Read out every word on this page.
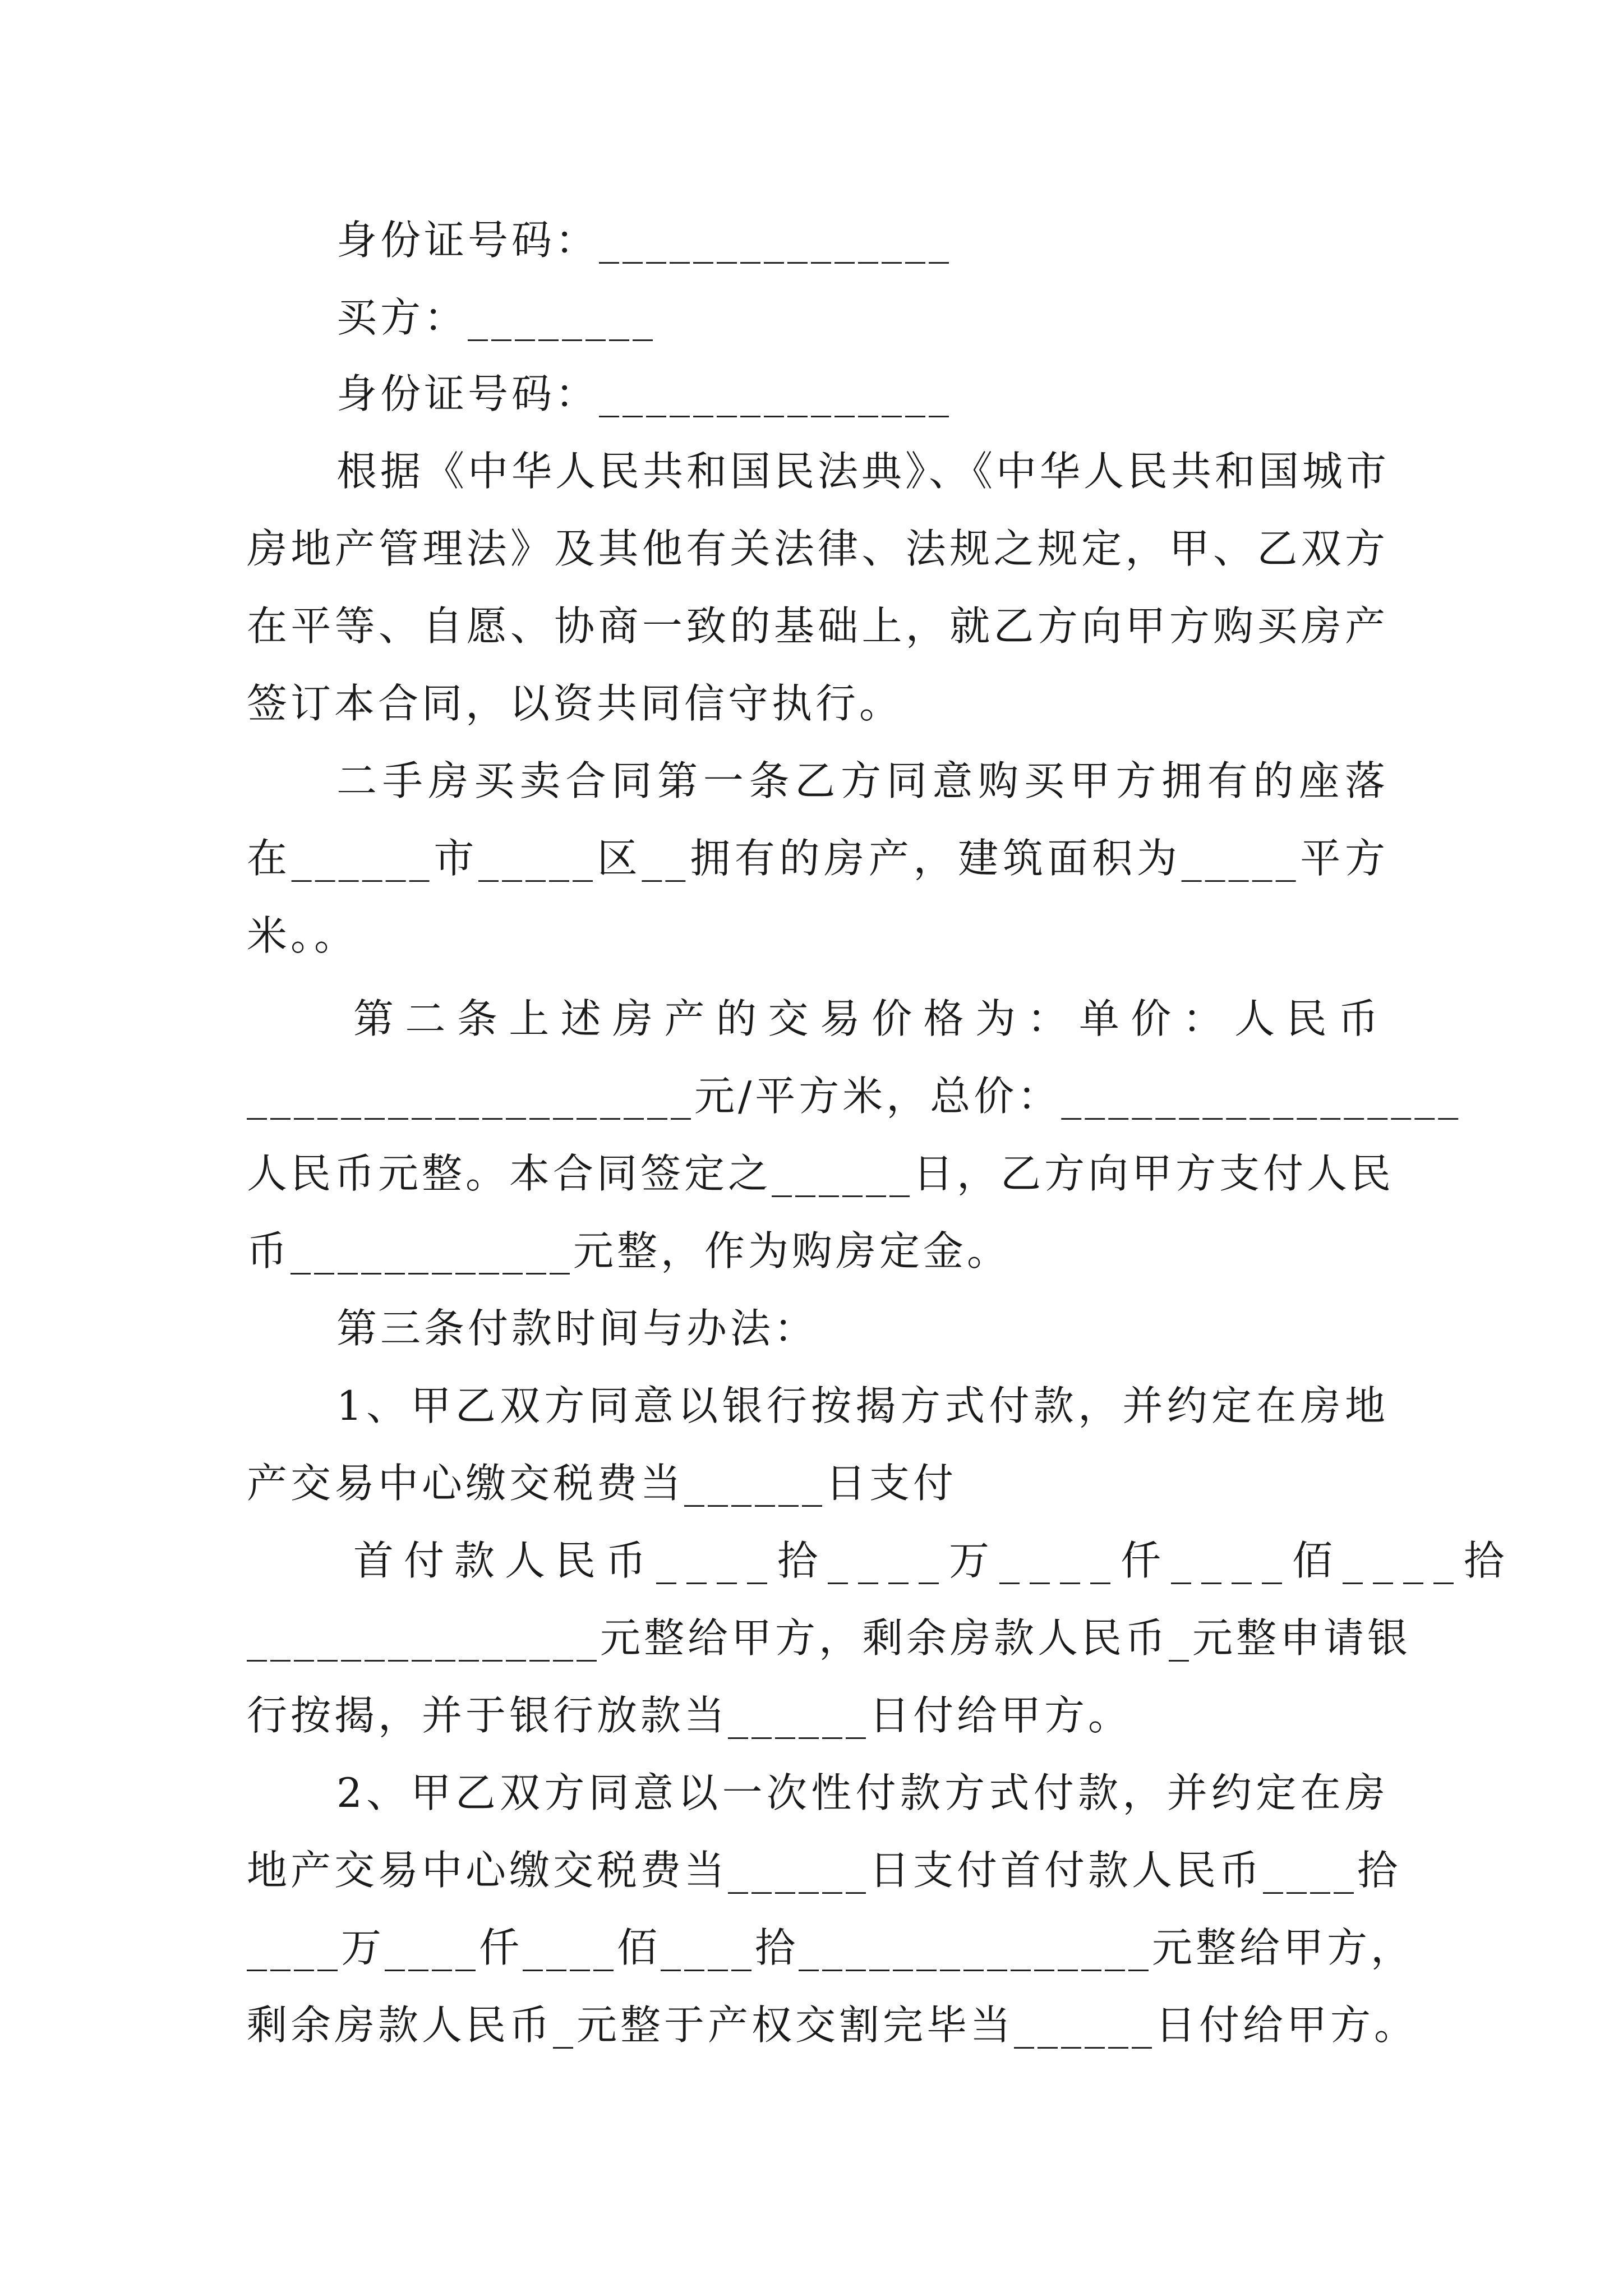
身份证号码：_______________

买方：________

身份证号码：_______________

根据《中华人民共和国民法典》、《中华人民共和国城市

房地产管理法》及其他有关法律、法规之规定，甲、乙双方

在平等、自愿、协商一致的基础上，就乙方向甲方购买房产

签订本合同，以资共同信守执行。

二手房买卖合同第一条乙方同意购买甲方拥有的座落

在______市_____区__拥有的房产，建筑面积为_____平方

米。。

第二条上述房产的交易价格为：单价：人民币

___________________元/平方米，总价：_________________

人民币元整。本合同签定之______日，乙方向甲方支付人民

币____________元整，作为购房定金。

第三条付款时间与办法：

1、甲乙双方同意以银行按揭方式付款，并约定在房地

产交易中心缴交税费当______日支付

首付款人民币____拾____万____仟____佰____拾

_______________元整给甲方，剩余房款人民币_元整申请银

行按揭，并于银行放款当______日付给甲方。

2、甲乙双方同意以一次性付款方式付款，并约定在房

地产交易中心缴交税费当______日支付首付款人民币____拾

____万____仟____佰____拾_______________元整给甲方，

剩余房款人民币_元整于产权交割完毕当______日付给甲方。
